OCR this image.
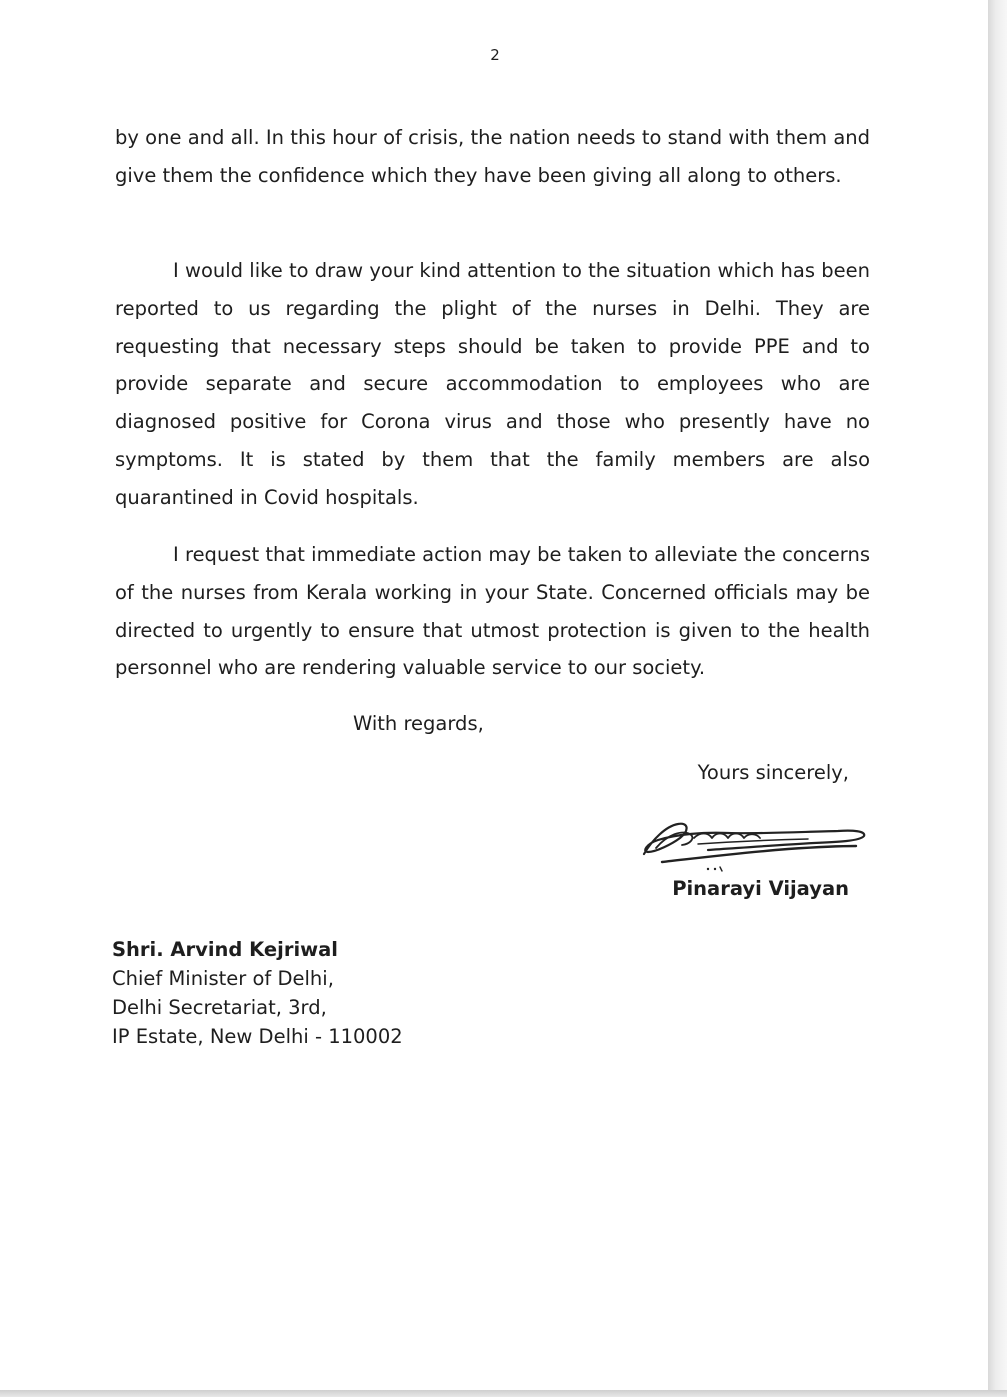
2

by one and all. In this hour of crisis, the nation needs to stand with them and give them the confidence which they have been giving all along to others.

I would like to draw your kind attention to the situation which has been reported to us regarding the plight of the nurses in Delhi. They are requesting that necessary steps should be taken to provide PPE and to provide separate and secure accommodation to employees who are diagnosed positive for Corona virus and those who presently have no symptoms. It is stated by them that the family members are also quarantined in Covid hospitals.

I request that immediate action may be taken to alleviate the concerns of the nurses from Kerala working in your State. Concerned officials may be directed to urgently to ensure that utmost protection is given to the health personnel who are rendering valuable service to our society.

With regards,

Yours sincerely,

Pinarayi Vijayan

Shri. Arvind Kejriwal
Chief Minister of Delhi,
Delhi Secretariat, 3rd,
IP Estate, New Delhi - 110002
